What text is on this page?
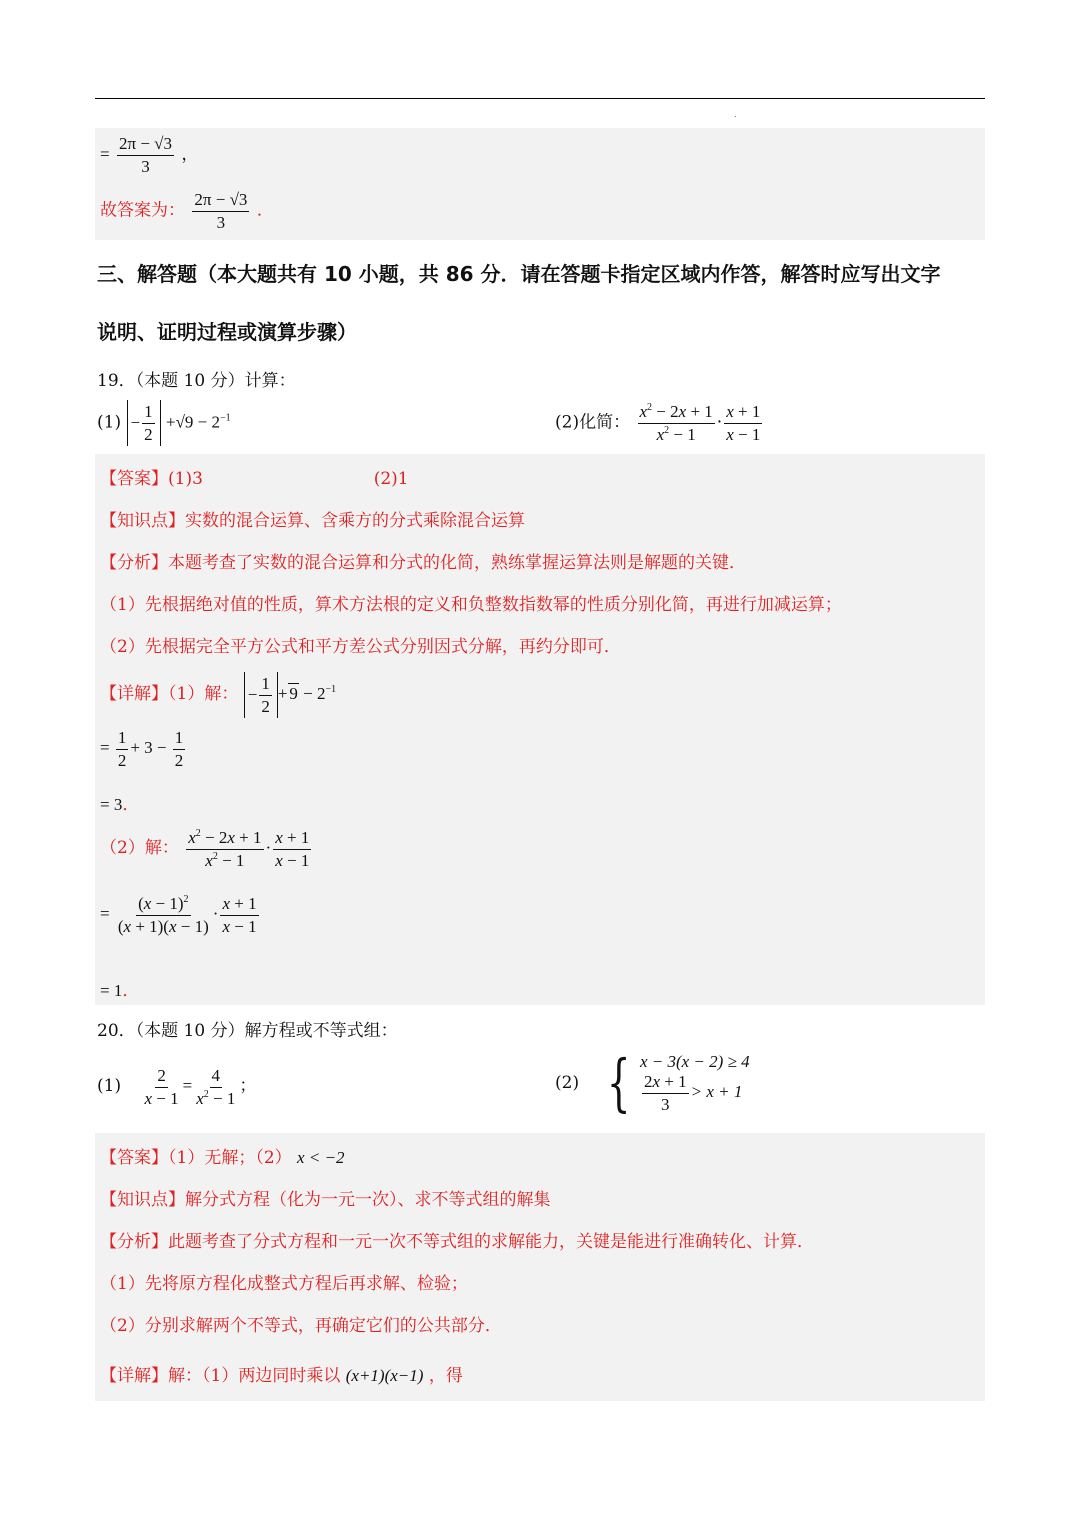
.
= $\frac{2\pi - √3}{3}$ ，
故答案为： $\frac{2\pi - √3}{3}$ ．
三、解答题（本大题共有 10 小题，共 86 分．请在答题卡指定区域内作答，解答时应写出文字
说明、证明过程或演算步骤）
19．（本题 10 分）计算：
$(1) - \frac{1}{2} +√9 - 2^{-1}$	(2)化简： $\frac{x^2 - 2x + 1}{x^2 - 1} \cdot \frac{x + 1}{x - 1}$
【答案】(1)3	(2)1
【知识点】实数的混合运算、含乘方的分式乘除混合运算
【分析】本题考查了实数的混合运算和分式的化简，熟练掌握运算法则是解题的关键．
（1）先根据绝对值的性质，算术方法根的定义和负整数指数幂的性质分别化简，再进行加减运算；
（2）先根据完全平方公式和平方差公式分别因式分解，再约分即可．
【详解】（1）解： − $\frac{1}{2} + 9 - 2^{-1}$
= $\frac{1}{2} + 3 - \frac{1}{2}$
= 3．
（2）解： $\frac{x^2 - 2x + 1}{x^2 - 1} \cdot \frac{x + 1}{x - 1}$
= $\frac{(x - 1)^2}{(x + 1)(x - 1)} \cdot \frac{x + 1}{x - 1}$
= 1．
20．（本题 10 分）解方程或不等式组：
$(1) \frac{2}{x - 1} = \frac{4}{x^2 - 1}$ ；	(2) { x − 3(x − 2) ≥ 4
$\frac{2x + 1}{3} > x + 1$
【答案】（1）无解；（2） x < −2
【知识点】解分式方程（化为一元一次）、求不等式组的解集
【分析】此题考查了分式方程和一元一次不等式组的求解能力，关键是能进行准确转化、计算．
（1）先将原方程化成整式方程后再求解、检验；
（2）分别求解两个不等式，再确定它们的公共部分．
【详解】解：（1）两边同时乘以 (x+1)(x−1) ，得
